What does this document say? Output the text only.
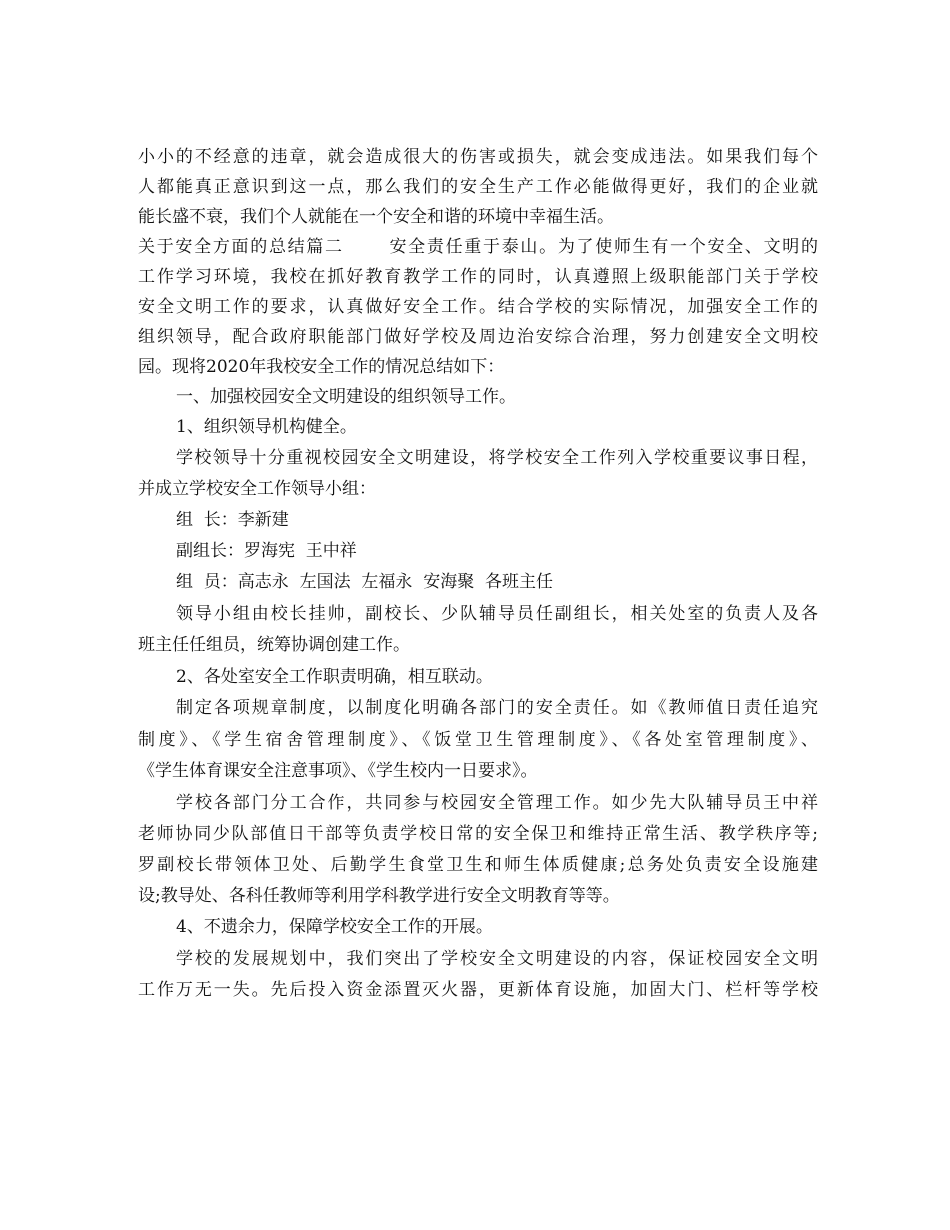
小小的不经意的违章，就会造成很大的伤害或损失，就会变成违法。如果我们每个
人都能真正意识到这一点，那么我们的安全生产工作必能做得更好，我们的企业就
能长盛不衰，我们个人就能在一个安全和谐的环境中幸福生活。
关于安全方面的总结篇二	安全责任重于泰山。为了使师生有一个安全、文明的
工作学习环境，我校在抓好教育教学工作的同时，认真遵照上级职能部门关于学校
安全文明工作的要求，认真做好安全工作。结合学校的实际情况，加强安全工作的
组织领导，配合政府职能部门做好学校及周边治安综合治理，努力创建安全文明校
园。现将2020年我校安全工作的情况总结如下：
一、加强校园安全文明建设的组织领导工作。
1、组织领导机构健全。
学校领导十分重视校园安全文明建设，将学校安全工作列入学校重要议事日程，
并成立学校安全工作领导小组：
组  长：李新建
副组长：罗海宪  王中祥
组  员：高志永  左国法  左福永  安海聚  各班主任
领导小组由校长挂帅，副校长、少队辅导员任副组长，相关处室的负责人及各
班主任任组员，统筹协调创建工作。
2、各处室安全工作职责明确，相互联动。
制定各项规章制度，以制度化明确各部门的安全责任。如《教师值日责任追究
制度》、《学生宿舍管理制度》、《饭堂卫生管理制度》、《各处室管理制度》、
《学生体育课安全注意事项》、《学生校内一日要求》。
学校各部门分工合作，共同参与校园安全管理工作。如少先大队辅导员王中祥
老师协同少队部值日干部等负责学校日常的安全保卫和维持正常生活、教学秩序等;
罗副校长带领体卫处、后勤学生食堂卫生和师生体质健康;总务处负责安全设施建
设;教导处、各科任教师等利用学科教学进行安全文明教育等等。
4、不遗余力，保障学校安全工作的开展。
学校的发展规划中，我们突出了学校安全文明建设的内容，保证校园安全文明
工作万无一失。先后投入资金添置灭火器，更新体育设施，加固大门、栏杆等学校
